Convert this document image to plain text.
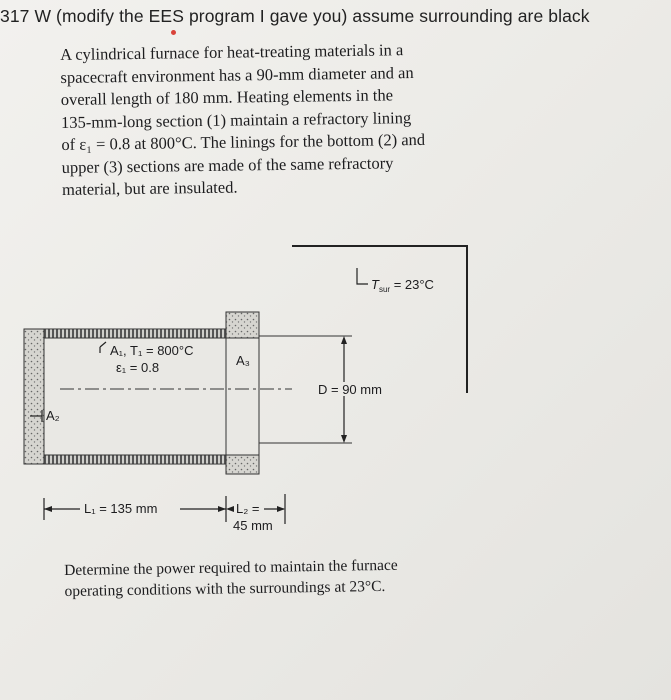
317 W (modify the EES program I gave you) assume surrounding are black
A cylindrical furnace for heat-treating materials in a
spacecraft environment has a 90-mm diameter and an
overall length of 180 mm. Heating elements in the
135-mm-long section (1) maintain a refractory lining
of ε₁ = 0.8 at 800°C. The linings for the bottom (2) and
upper (3) sections are made of the same refractory
material, but are insulated.
$T_{sur} = 23^\circ C$
A₁, T₁ = 800°C
ε₁ = 0.8	A₃
A₂
D = 90 mm
L₁ = 135 mm	L₂ =
45 mm
Determine the power required to maintain the furnace
operating conditions with the surroundings at 23°C.
